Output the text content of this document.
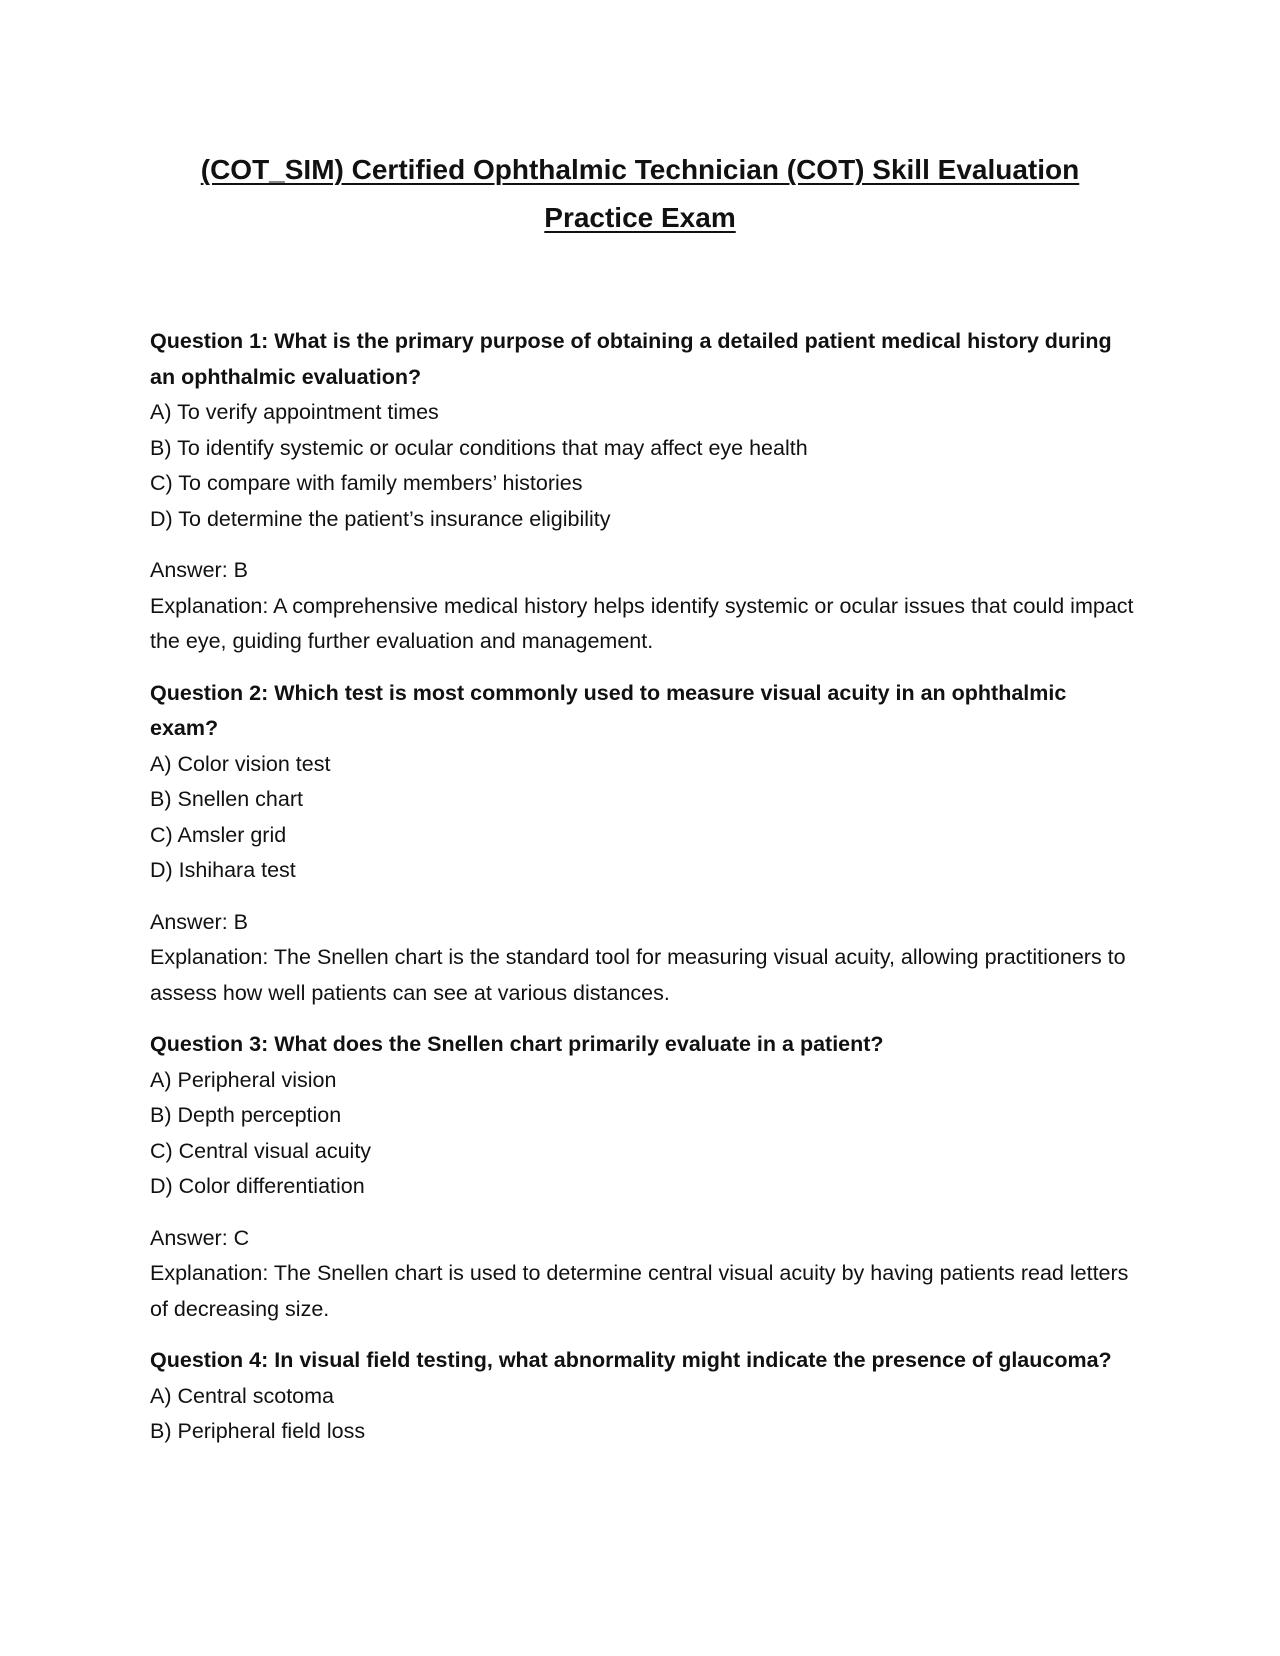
(COT_SIM) Certified Ophthalmic Technician (COT) Skill Evaluation
Practice Exam

Question 1: What is the primary purpose of obtaining a detailed patient medical history during an ophthalmic evaluation?

A) To verify appointment times

B) To identify systemic or ocular conditions that may affect eye health

C) To compare with family members’ histories

D) To determine the patient’s insurance eligibility

Answer: B

Explanation: A comprehensive medical history helps identify systemic or ocular issues that could impact the eye, guiding further evaluation and management.

Question 2: Which test is most commonly used to measure visual acuity in an ophthalmic exam?

A) Color vision test

B) Snellen chart

C) Amsler grid

D) Ishihara test

Answer: B

Explanation: The Snellen chart is the standard tool for measuring visual acuity, allowing practitioners to assess how well patients can see at various distances.

Question 3: What does the Snellen chart primarily evaluate in a patient?

A) Peripheral vision

B) Depth perception

C) Central visual acuity

D) Color differentiation

Answer: C

Explanation: The Snellen chart is used to determine central visual acuity by having patients read letters of decreasing size.

Question 4: In visual field testing, what abnormality might indicate the presence of glaucoma?

A) Central scotoma

B) Peripheral field loss
